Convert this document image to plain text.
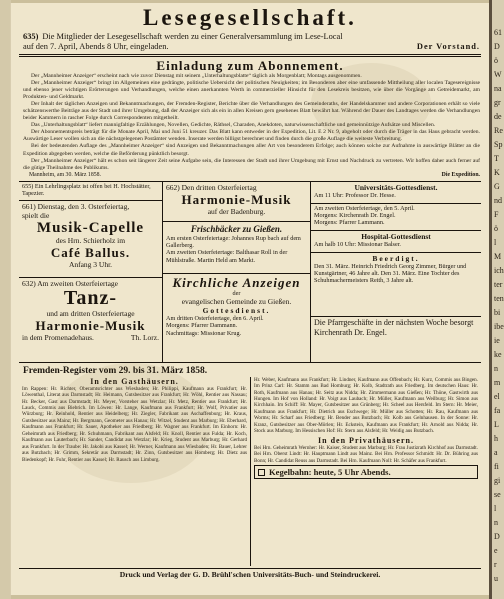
Lesegesellschaft.
635) Die Mitglieder der Lesegesellschaft werden zu einer Generalversammlung im Lese-Local
auf den 7. April, Abends 8 Uhr, eingeladen.	Der Vorstand.
Einladung zum Abonnement.

Der „Mannheimer Anzeiger“ erscheint nach wie zuvor Dienstag mit seinem „Unterhaltungsblatte“ täglich als Morgenblatt; Montags ausgenommen.

Der „Mannheimer Anzeiger“ bringt im Allgemeinen eine gedrängte, politische Uebersicht der politischen Neuigkeiten; im Besonderen aber eine umfassende Mittheilung aller localen Tagesereignisse und ebenso jener wichtigen Erörterungen und Verhandlungen, welche einen anerkannten Werth in commerzieller Hinsicht für den Lesekreis besitzen, wie über die Vorgänge am Getreidemarkt, am Produkten- und Geldmarkt.

Der Inhalt der täglichen Anzeigen und Bekanntmachungen, der Fremden-Register, Berichte über die Verhandlungen des Gemeinderaths, der Handelskammer und andere Corporationen erhält so viele schätzenswerthe Beiträge aus der Stadt und ihrer Umgebung, daß der Anzeiger sich als ein in allen Kreisen gern gesehenes Blatt bewährt hat. Während der Dauer des Landtages werden die Verhandlungen beider Kammern in rascher Folge durch Correspondenten mitgetheilt.

Das „Unterhaltungsblatt“ liefert mannigfaltige Erzählungen, Novellen, Gedichte, Räthsel, Charaden, Anekdoten, naturwissenschaftliche und gemeinnützige Aufsätze und Miscellen.

Der Abonnementspreis beträgt für die Monate April, Mai und Juni 51 kreuzer. Das Blatt kann entweder in der Expedition, Lit. E 2 Nr. 9, abgeholt oder durch die Träger in das Haus gebracht werden. Auswärtige Leser wollen sich an die nächstgelegenen Postämter wenden. Inserate werden billigst berechnet und finden durch die große Auflage die weiteste Verbreitung.

Bei der bedeutenden Auflage des „Mannheimer Anzeiger“ sind Anzeigen und Bekanntmachungen aller Art von besonderem Erfolge; auch können solche zur Aufnahme in auswärtige Blätter an die Expedition abgegeben werden, welche die Beförderung pünktlich besorgt.

Der „Mannheimer Anzeiger“ hält es schon seit längerer Zeit seine Aufgabe sein, die Interessen der Stadt und ihrer Umgebung mit Ernst und Nachdruck zu vertreten. Wir hoffen daher auch ferner auf die gütige Theilnahme des Publikums.

Mannheim, am 30. März 1858.	Die Expedition.
655) Ein Lehrlingsplatz ist offen bei H. Hochstätter, Tapezier.
661) Dienstag, den 3. Osterfeiertag,
spielt die
Musik-Capelle
des Hrn. Schierholz im
Café Ballus.
Anfang 3 Uhr.
632) Am zweiten Osterfeiertage
Tanz-
und am dritten Osterfeiertage
Harmonie-Musik
in dem Promenadehaus.	Th. Lorz.
662) Den dritten Osterfeiertag
Harmonie-Musik
auf der Badenburg.
Frischbäcker zu Gießen.
Am ersten Osterfeiertage: Johannes Rup bach auf dem Gallerberg.
Am zweiten Osterfeiertage: Balthasar Roll in der Mühlstraße. Martin Held am Markt.
Kirchliche Anzeigen
der
evangelischen Gemeinde zu Gießen.
Gottesdienst.
Am dritten Osterfeiertage, den 6. April.
Morgens: Pfarrer Dammann.
Nachmittags: Missionar Krug.
Universitäts-Gottesdienst.
Am 11 Uhr: Professor Dr. Hesse.
Am zweiten Osterfeiertage, den 5. April.
Morgens: Kirchenrath Dr. Engel.
Morgens: Pfarrer Lammann.
Hospital-Gottesdienst
Am halb 10 Uhr: Missionar Balser.
Beerdigt.
Den 31. März. Heinrich Friedrich Georg Zimmer, Bürger und Kunstgärtner, 46 Jahre alt. Den 31. März. Eine Tochter des Schuhmachermeisters Reith, 3 Jahre alt.
Die Pfarrgeschäfte in der nächsten Woche besorgt Kirchenrath Dr. Engel.
Fremden-Register vom 29. bis 31. März 1858.
In den Gasthäusern.
Im Rappen: Hr. Richter, Oberamtsrichter aus Wiesbaden; Hr. Philippi, Kaufmann aus Frankfurt; Hr. Löwenthal, Literat aus Darmstadt; Hr. Heimann, Gutsbesitzer aus Frankfurt; Hr. Wöhl, Rentier aus Nassau; Hr. Becker, Gast aus Darmstadt; Hr. Meyer, Vorsteher aus Wetzlar; Hr. Metz, Rentier aus Frankfurt; Hr. Lauck, Commis aus Biebrich. Im Löwen: Hr. Lange, Kaufmann aus Frankfurt; Hr. Wolf, Privatier aus Würzburg; Hr. Reinhold, Rentier aus Heidelberg; Hr. Ziegler, Fabrikant aus Aschaffenburg; Hr. Kraus, Gutsbesitzer aus Mainz; Hr. Bergmann, Geometer aus Hanau; Hr. Witzel, Student aus Marburg; Hr. Eberhard, Kaufmann aus Frankfurt; Hr. Sauer, Apotheker aus Friedberg; Hr. Wagner aus Frankfurt. Im Einhorn: Hr. Geheimrath aus Friedberg; Hr. Schuhmann, Fabrikant aus Alsfeld; Hr. Knoll, Rentier aus Fulda; Hr. Koch, Kaufmann aus Lauterbach; Hr. Sander, Candidat aus Wetzlar; Hr. Krieg, Student aus Marburg; Hr. Gerhard aus Frankfurt. In der Traube: Hr. Jakobi aus Kassel; Hr. Werner, Kaufmann aus Wiesbaden; Hr. Bauer, Lehrer aus Butzbach; Hr. Grimm, Sekretär aus Darmstadt; Hr. Zinn, Gutsbesitzer aus Homberg; Hr. Dietz aus Biedenkopf; Hr. Fuhr, Rentier aus Kassel; Hr. Rausch aus Limburg.
Hr. Weber, Kaufmann aus Frankfurt; Hr. Lindner, Kaufmann aus Offenbach; Hr. Kurz, Commis aus Bingen. Im Prinz Carl: Hr. Stamm aus Bad Homburg; Hr. Kolb, Stadtrath aus Friedberg. Im deutschen Haus: Hr. Roth, Kaufmann aus Hanau; Hr. Seitz aus Nidda; Hr. Zimmermann aus Gießen; Hr. Thöne, Gastwirth aus Hungen. Im Hof von Holland: Hr. Voigt aus Laubach; Hr. Müller, Kaufmann aus Weilburg; Hr. Simon aus Kirchhain. Im Schiff: Hr. Mayer, Gutsbesitzer aus Grünberg; Hr. Scheel aus Hersfeld. Im Stern: Hr. Meier, Kaufmann aus Frankfurt; Hr. Dietrich aus Eschwege; Hr. Müller aus Schotten; Hr. Rau, Kaufmann aus Worms; Hr. Scharf aus Friedberg; Hr. Bender aus Butzbach; Hr. Kolb aus Gelnhausen. In der Sonne: Hr. Kranz, Gutsbesitzer aus Ober-Mörlen; Hr. Eckstein, Kaufmann aus Frankfurt; Hr. Arnold aus Nidda; Hr. Stock aus Marburg. Im Hessischen Hof: Hr. Stern aus Alsfeld; Hr. Weidig aus Butzbach.
In den Privathäusern.
Bei Hrn. Geheimrath Wernher: Hr. Kaiser, Student aus Marburg; Hr. Frau Justizrath Kirchhof aus Darmstadt. Bei Hrn. Oberst Lindt: Hr. Hauptmann Lindt aus Mainz. Bei Hrn. Professor Schmidt: Hr. Dr. Bühring aus Bonn; Hr. Candidat Reuss aus Darmstadt. Bei Hrn. Kaufmann Noll: Hr. Schäfer aus Frankfurt.
Kegelbahn: heute, 5 Uhr Abends.
Druck und Verlag der G. D. Brühl'schen Universitäts-Buch- und Steindruckerei.
61
D
ö
W
na
gr
de
Re
Sp
T
K
G
nd
F
ö
l
M
ich
ter
ten
bi
ibe
ie
ke
n
m
el
fa
L
h
a
fi
gi
se
l
n
D
e
r
u
